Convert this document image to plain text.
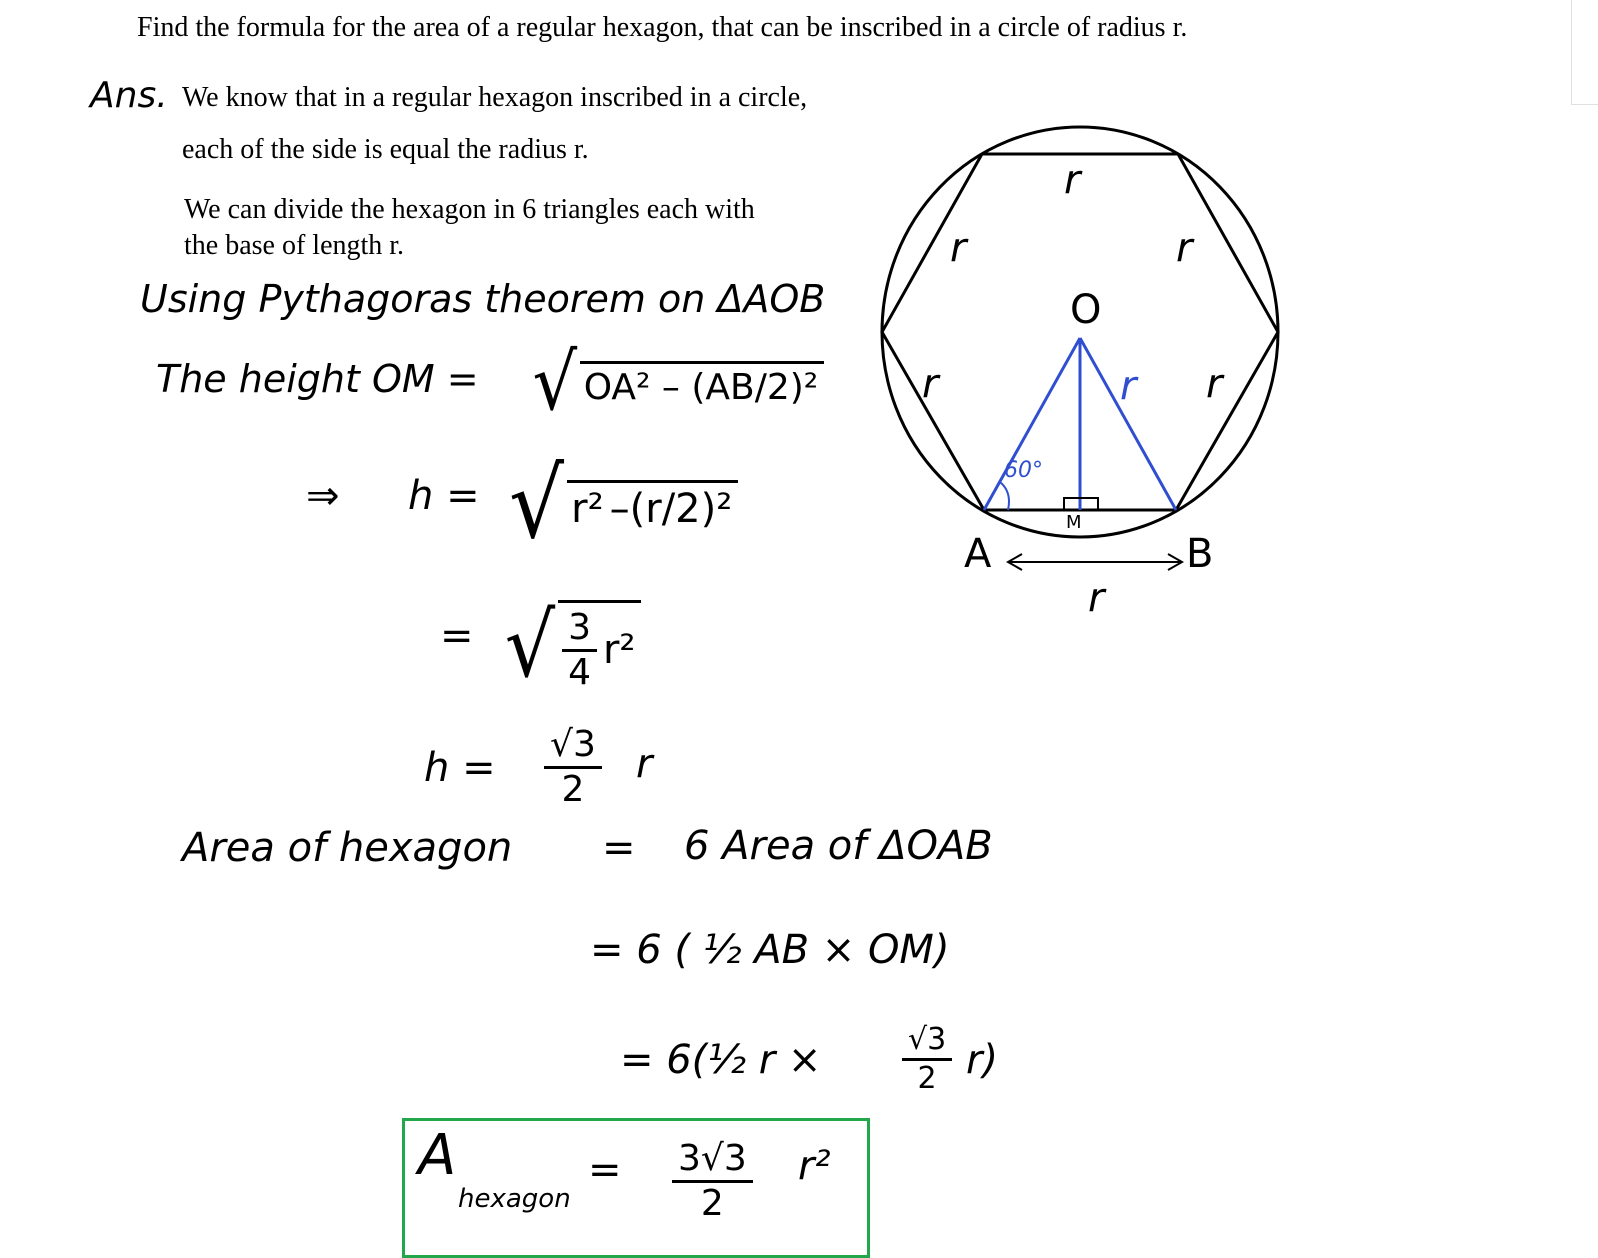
Find the formula for the area of a regular hexagon, that can be inscribed in a circle of radius r.
Ans. We know that in a regular hexagon inscribed in a circle,
each of the side is equal the radius r.
We can divide the hexagon in 6 triangles each with
the base of length r.
Using Pythagoras theorem on ΔAOB
The height OM = √ OA² – (AB/2)²
⇒ h = √ r² –(r/2)²
= √ $\frac{3}{4} r^2$
$h = \frac{√3}{2}$ r
Area of hexagon = 6 Area of ΔOAB
= 6 ( ½ AB × OM)
= 6(½ r ×	$\frac{√3}{2} r$)
A
hexagon
= $\frac{3√3}{2} r^2$
r
r	r
r	r
O
r
60°
M
A	B
r
